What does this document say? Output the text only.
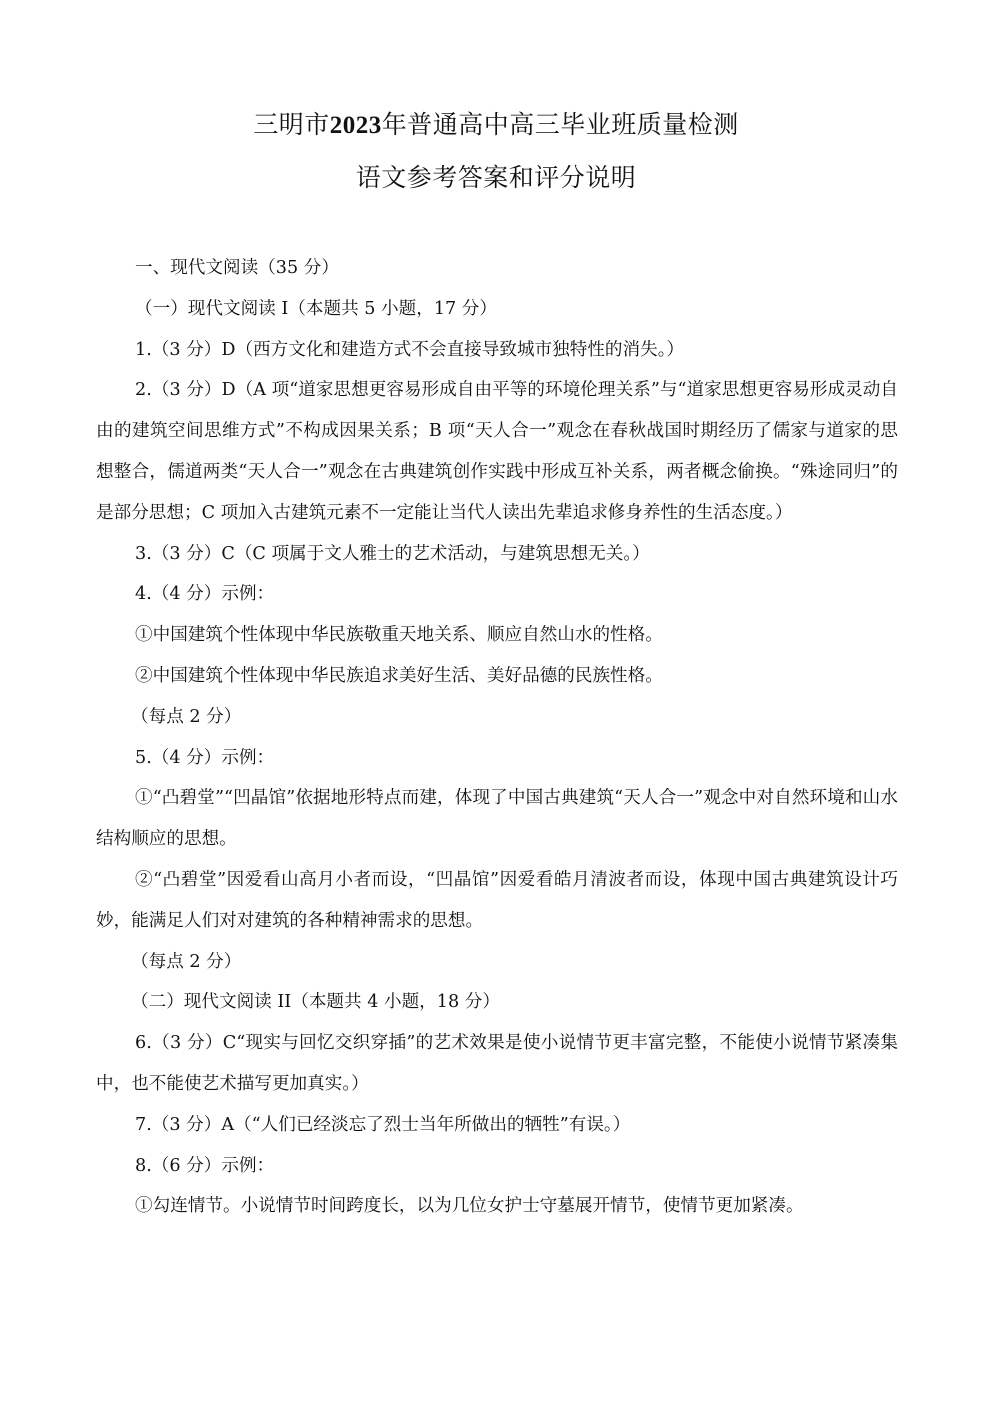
三明市2023年普通高中高三毕业班质量检测
语文参考答案和评分说明

一、现代文阅读（35 分）

（一）现代文阅读 I（本题共 5 小题，17 分）

1.（3 分）D（西方文化和建造方式不会直接导致城市独特性的消失。）

2.（3 分）D（A 项“道家思想更容易形成自由平等的环境伦理关系”与“道家思想更容易形成灵动自由的建筑空间思维方式”不构成因果关系；B 项“天人合一”观念在春秋战国时期经历了儒家与道家的思想整合，儒道两类“天人合一”观念在古典建筑创作实践中形成互补关系，两者概念偷换。“殊途同归”的是部分思想；C 项加入古建筑元素不一定能让当代人读出先辈追求修身养性的生活态度。）

3.（3 分）C（C 项属于文人雅士的艺术活动，与建筑思想无关。）

4.（4 分）示例：

①中国建筑个性体现中华民族敬重天地关系、顺应自然山水的性格。

②中国建筑个性体现中华民族追求美好生活、美好品德的民族性格。

（每点 2 分）

5.（4 分）示例：

①“凸碧堂”“凹晶馆”依据地形特点而建，体现了中国古典建筑“天人合一”观念中对自然环境和山水结构顺应的思想。

②“凸碧堂”因爱看山高月小者而设，“凹晶馆”因爱看皓月清波者而设，体现中国古典建筑设计巧妙，能满足人们对对建筑的各种精神需求的思想。

（每点 2 分）

（二）现代文阅读 II（本题共 4 小题，18 分）

6.（3 分）C“现实与回忆交织穿插”的艺术效果是使小说情节更丰富完整，不能使小说情节紧凑集中，也不能使艺术描写更加真实。）

7.（3 分）A（“人们已经淡忘了烈士当年所做出的牺牲”有误。）

8.（6 分）示例：

①勾连情节。小说情节时间跨度长，以为几位女护士守墓展开情节，使情节更加紧凑。
